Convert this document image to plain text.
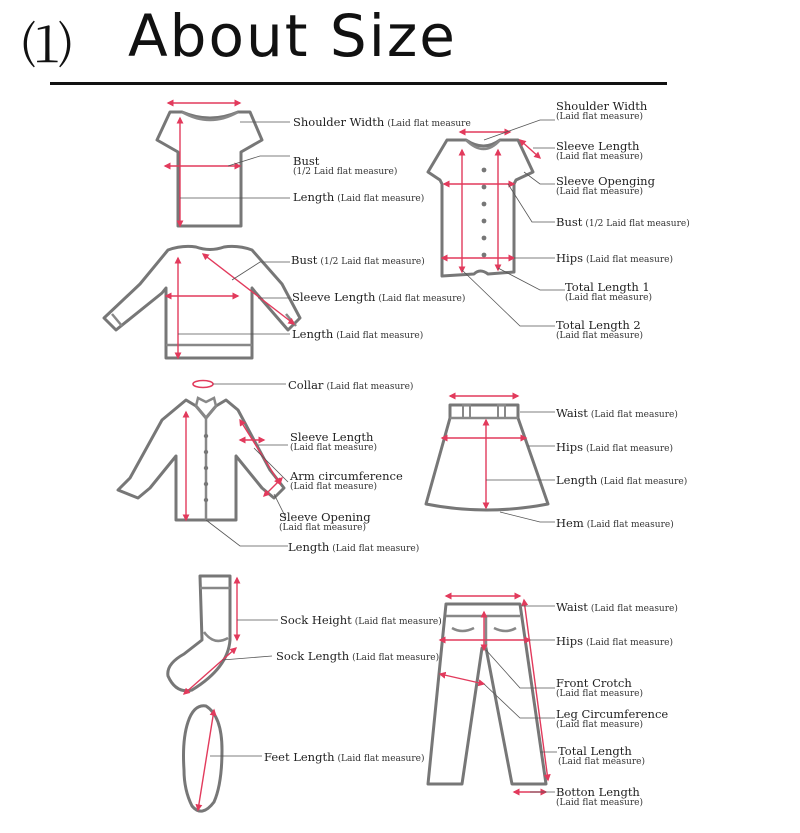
⑴ About Size
Shoulder Width (Laid flat measure
Bust
(1/2 Laid flat measure)
Length (Laid flat measure)
Bust (1/2 Laid flat measure)
Sleeve Length (Laid flat measure)
Length (Laid flat measure)
Shoulder Width
(Laid flat measure)
Sleeve Length
(Laid flat measure)
Sleeve Openging
(Laid flat measure)
Bust (1/2 Laid flat measure)
Hips (Laid flat measure)
Total Length 1
(Laid flat measure)
Total Length 2
(Laid flat measure)
Collar (Laid flat measure)
Sleeve Length
(Laid flat measure)
Arm circumference
(Laid flat measure)
Sleeve Opening
(Laid flat measure)
Length (Laid flat measure)
Waist (Laid flat measure)
Hips (Laid flat measure)
Length (Laid flat measure)
Hem (Laid flat measure)
Sock Height (Laid flat measure)
Sock Length (Laid flat measure)
Feet Length (Laid flat measure)
Waist (Laid flat measure)
Hips (Laid flat measure)
Front Crotch
(Laid flat measure)
Leg Circumference
(Laid flat measure)
Total Length
(Laid flat measure)
Botton Length
(Laid flat measure)
